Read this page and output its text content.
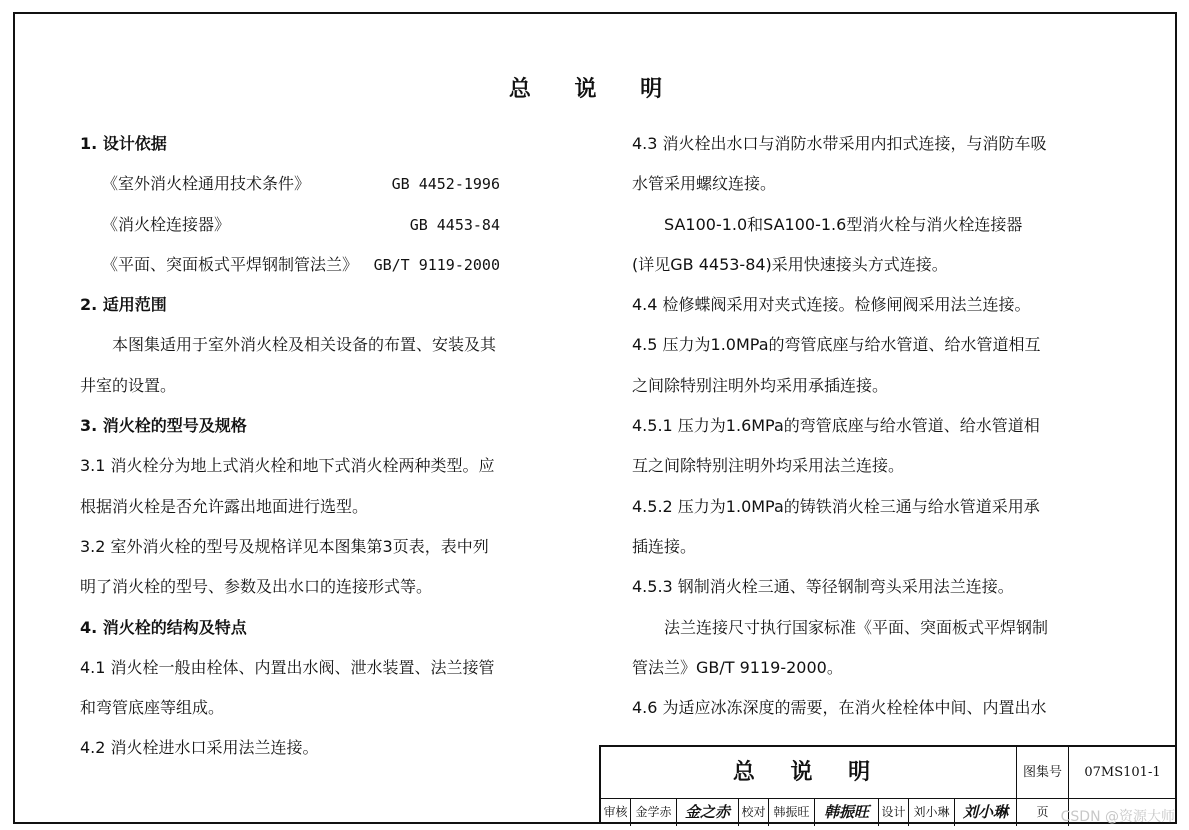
总 说 明
1. 设计依据
《室外消火栓通用技术条件》	GB 4452-1996
《消火栓连接器》	GB 4453-84
《平面、突面板式平焊钢制管法兰》 GB/T 9119-2000
2. 适用范围
本图集适用于室外消火栓及相关设备的布置、安装及其
井室的设置。
3. 消火栓的型号及规格
3.1 消火栓分为地上式消火栓和地下式消火栓两种类型。应
根据消火栓是否允许露出地面进行选型。
3.2 室外消火栓的型号及规格详见本图集第3页表，表中列
明了消火栓的型号、参数及出水口的连接形式等。
4. 消火栓的结构及特点
4.1 消火栓一般由栓体、内置出水阀、泄水装置、法兰接管
和弯管底座等组成。
4.2 消火栓进水口采用法兰连接。
4.3 消火栓出水口与消防水带采用内扣式连接，与消防车吸
水管采用螺纹连接。
SA100-1.0和SA100-1.6型消火栓与消火栓连接器
(详见GB 4453-84)采用快速接头方式连接。
4.4 检修蝶阀采用对夹式连接。检修闸阀采用法兰连接。
4.5 压力为1.0MPa的弯管底座与给水管道、给水管道相互
之间除特别注明外均采用承插连接。
4.5.1 压力为1.6MPa的弯管底座与给水管道、给水管道相
互之间除特别注明外均采用法兰连接。
4.5.2 压力为1.0MPa的铸铁消火栓三通与给水管道采用承
插连接。
4.5.3 钢制消火栓三通、等径钢制弯头采用法兰连接。
法兰连接尺寸执行国家标准《平面、突面板式平焊钢制
管法兰》GB/T 9119-2000。
4.6 为适应冰冻深度的需要，在消火栓栓体中间、内置出水
总 说 明	图集号	07MS101-1
审核 金学赤 金之赤 校对 韩振旺 韩振旺	设计 刘小琳 刘小琳	页 CSDN @资源大师
